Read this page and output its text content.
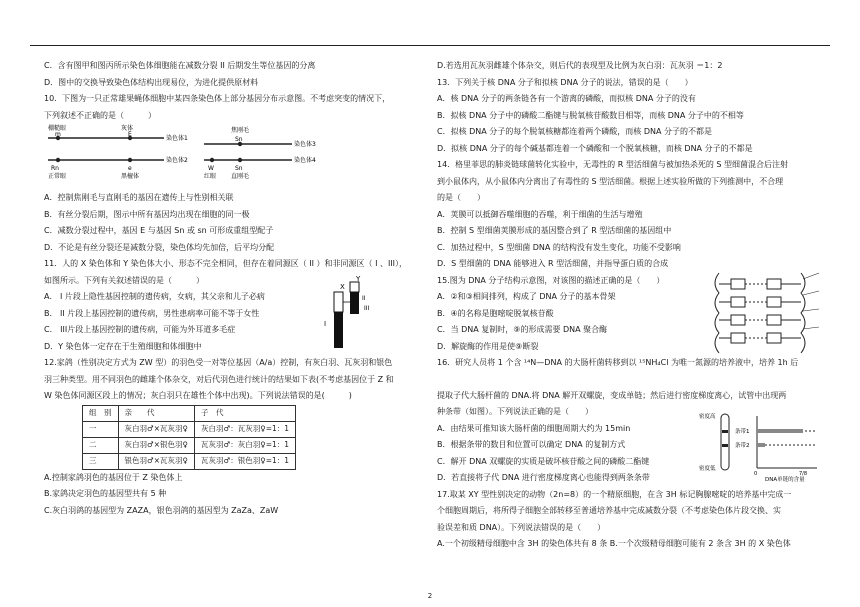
C．含有图甲和图丙所示染色体细胞能在减数分裂 II 后期发生等位基因的分离

D．图中的交换导致染色体结构出现易位，为进化提供原材料

10．下图为一只正常雄果蝇体细胞中某四条染色体上部分基因分布示意图。不考虑突变的情况下，

下列叙述不正确的是（　　　）

棚糙眼
m
灰体
E
染色体1
Rn
正常眼
e
黑檀体
染色体2
焦刚毛
Sn
染色体3
W
红眼
Sn
直刚毛
染色体4

A．控制焦刚毛与直刚毛的基因在遗传上与性别相关联

B．有丝分裂后期，图示中所有基因均出现在细胞的同一极

C．减数分裂过程中，基因 E 与基因 Sn 或 sn 可形成重组型配子

D．不论是有丝分裂还是减数分裂，染色体均先加倍，后平均分配

11．人的 X 染色体和 Y 染色体大小、形态不完全相同，但存在着同源区（ II ）和非同源区（ I 、III），

如图所示。下列有关叙述错误的是（　　　）

A． I 片段上隐性基因控制的遗传病，女病，其父亲和儿子必病

B． II 片段上基因控制的遗传病，男性患病率可能不等于女性

C． III片段上基因控制的遗传病，可能为外耳道多毛症

D．Y 染色体一定存在于生殖细胞和体细胞中

X
Y
I
II
III

12.家鸽（性别决定方式为 ZW 型）的羽色受一对等位基因（A/a）控制，有灰白羽、瓦灰羽和银色

羽三种类型。用不同羽色的雌雄个体杂交，对后代羽色进行统计的结果如下表(不考虑基因位于 Z 和

W 染色体同源区段上的情况；灰白羽只在雄性个体中出现)。下列说法错误的是(　　　)

组　别	亲　　代	子　代
一	灰白羽♂×瓦灰羽♀	灰白羽♂：瓦灰羽♀=1：1
二	灰白羽♂×银色羽♀	瓦灰羽♂：灰白羽♀=1：1
三	银色羽♂×瓦灰羽♀	瓦灰羽♂：银色羽♀=1：1

A.控制家鸽羽色的基因位于 Z 染色体上

B.家鸽决定羽色的基因型共有 5 种

C.灰白羽鸽的基因型为 ZAZA，银色羽鸽的基因型为 ZaZa、ZaW

D.若选用瓦灰羽雌雄个体杂交，则后代的表现型及比例为灰白羽：瓦灰羽 ＝1：2

13．下列关于核 DNA 分子和拟核 DNA 分子的说法，错误的是（　　）

A．核 DNA 分子的两条链各有一个游离的磷酸，而拟核 DNA 分子的没有

B．拟核 DNA 分子中的磷酸二酯键与脱氧核苷酸数目相等，而核 DNA 分子中的不相等

C．拟核 DNA 分子的每个脱氧核糖都连着两个磷酸，而核 DNA 分子的不都是

D．拟核 DNA 分子的每个碱基都连着一个磷酸和一个脱氧核糖，而核 DNA 分子的不都是

14．格里菲思的肺炎链球菌转化实验中，无毒性的 R 型活细菌与被加热杀死的 S 型细菌混合后注射

到小鼠体内，从小鼠体内分离出了有毒性的 S 型活细菌。根据上述实验所做的下列推测中，不合理

的是（　　）

A．荚膜可以抵御吞噬细胞的吞噬，利于细菌的生活与增殖

B．控制 S 型细菌荚膜形成的基因整合到了 R 型活细菌的基因组中

C．加热过程中，S 型细菌 DNA 的结构没有发生变化，功能不受影响

D．S 型细菌的 DNA 能够进入 R 型活细菌，并指导蛋白质的合成

15.图为 DNA 分子结构示意图，对该图的描述正确的是（　　）

A．②和③相间排列，构成了 DNA 分子的基本骨架

B．④的名称是胞嘧啶脱氧核苷酸

C．当 DNA 复制时，⑨的形成需要 DNA 聚合酶

D．解旋酶的作用是使⑨断裂

16．研究人员将 1 个含 ¹⁴N—DNA 的大肠杆菌转移到以 ¹⁵NH₄Cl 为唯一氮源的培养液中，培养 1h 后

提取子代大肠杆菌的 DNA.将 DNA 解开双螺旋，变成单链；然后进行密度梯度离心，试管中出现两

种条带（如图）。下列说法正确的是（　　）

A．由结果可推知该大肠杆菌的细胞周期大约为 15min

B．根据条带的数目和位置可以确定 DNA 的复制方式

C．解开 DNA 双螺旋的实质是破坏核苷酸之间的磷酸二酯键

D．若直接将子代 DNA 进行密度梯度离心也能得到两条条带

密度高
密度低
条带1
条带2
0	7/8
DNA单链的含量

17.取某 XY 型性别决定的动物（2n=8）的一个精原细胞，在含 3H 标记胸腺嘧啶的培养基中完成一

个细胞周期后，将所得子细胞全部转移至普通培养基中完成减数分裂（不考虑染色体片段交换、实

验误差和质 DNA）。下列说法错误的是（　　）

A.一个初级精母细胞中含 3H 的染色体共有 8 条 B.一个次级精母细胞可能有 2 条含 3H 的 X 染色体

2
